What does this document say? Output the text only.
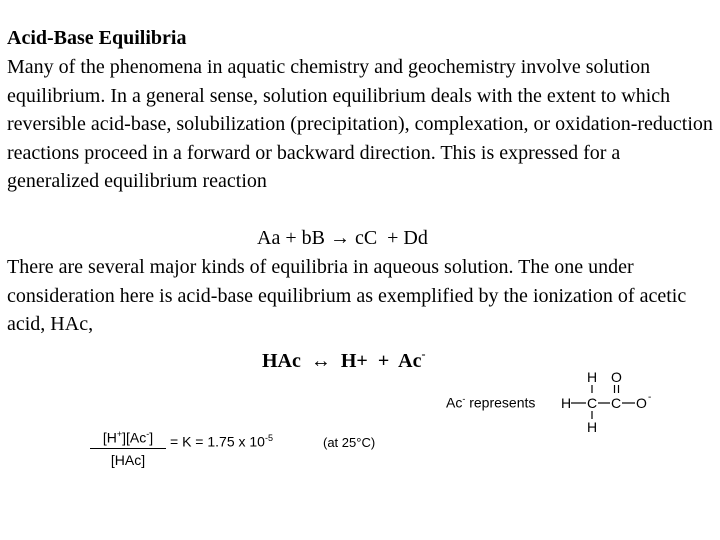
Acid-Base Equilibria

Many of the phenomena in aquatic chemistry and geochemistry involve solution equilibrium. In a general sense, solution equilibrium deals with the extent to which reversible acid-base, solubilization (precipitation), complexation, or oxidation-reduction reactions proceed in a forward or backward direction. This is expressed for a generalized equilibrium reaction

Aa + bB → cC  + Dd

There are several major kinds of equilibria in aqueous solution. The one under consideration here is acid-base equilibrium as exemplified by the ionization of acetic acid, HAc,

HAc  ↔  H+  +  Ac-
Ac- represents
H O
H C C O -
H
[H+][Ac-]
[HAc]
= K = 1.75 x $10^{-5}$	(at 25°C)
